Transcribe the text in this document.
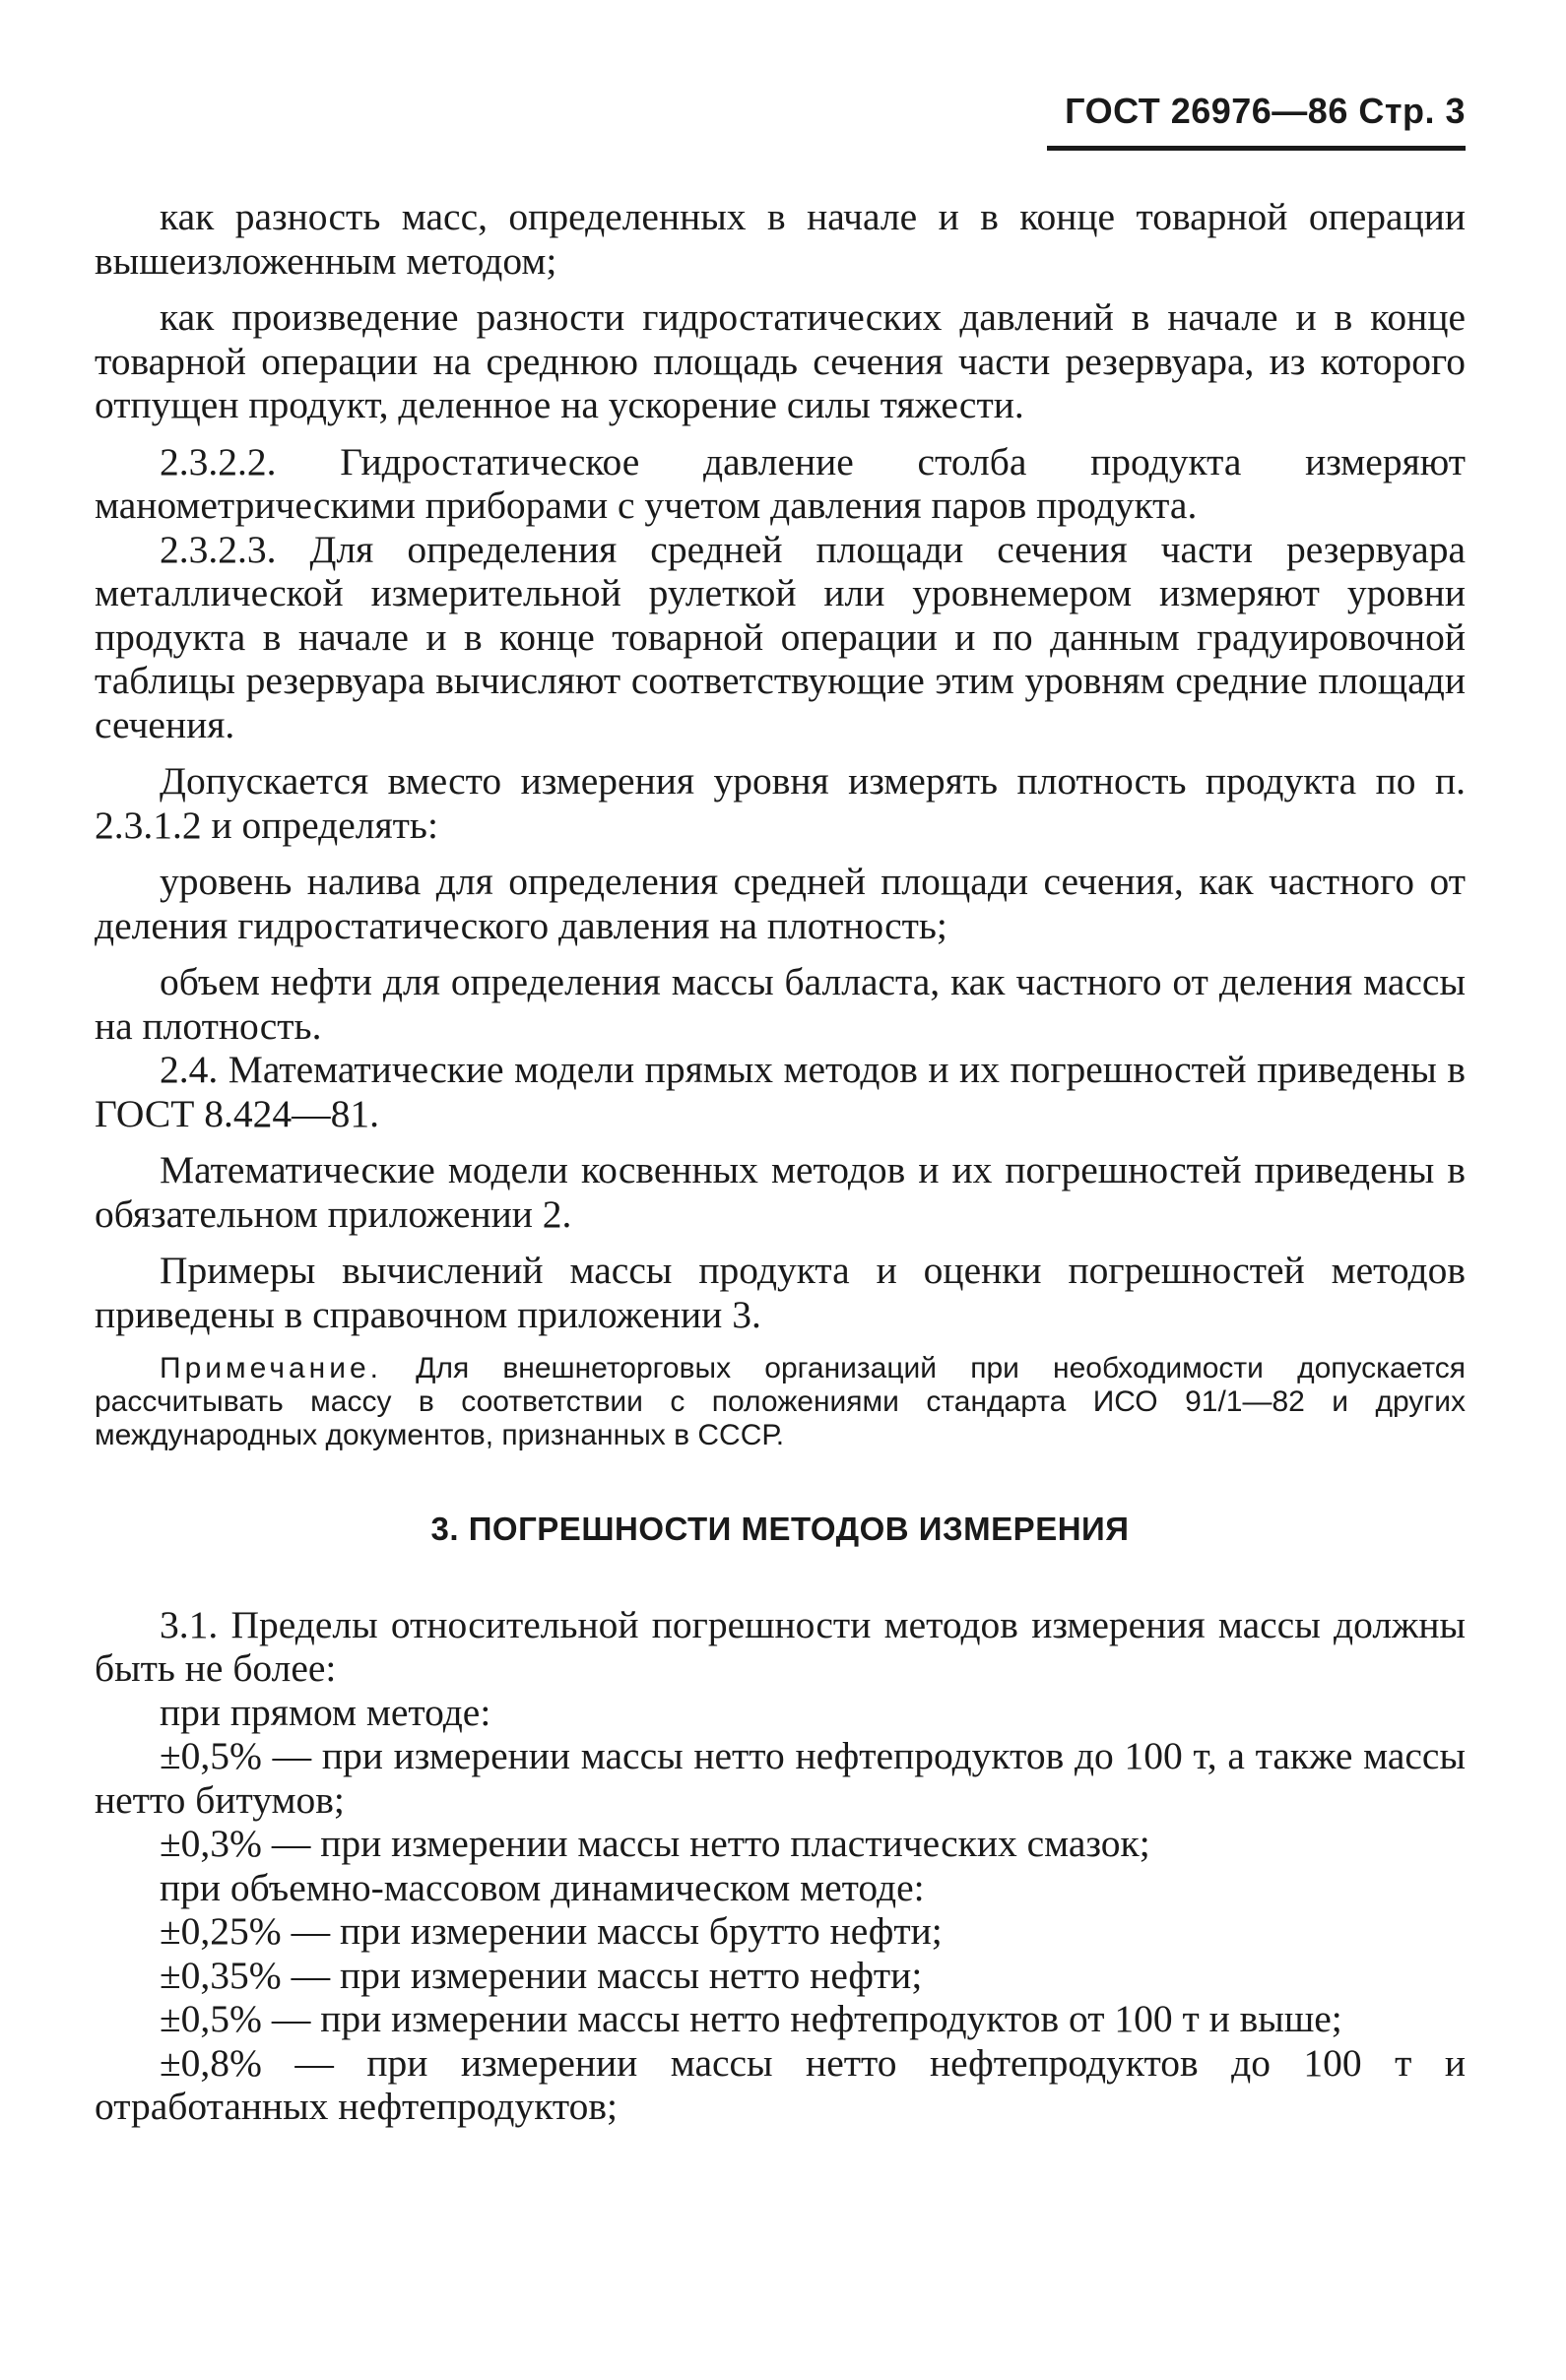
ГОСТ 26976—86 Стр. 3

как разность масс, определенных в начале и в конце товарной операции вышеизложенным методом;

как произведение разности гидростатических давлений в начале и в конце товарной операции на среднюю площадь сечения части резервуара, из которого отпущен продукт, деленное на ускорение силы тяжести.

2.3.2.2. Гидростатическое давление столба продукта измеряют манометрическими приборами с учетом давления паров продукта.

2.3.2.3. Для определения средней площади сечения части резервуара металлической измерительной рулеткой или уровнемером измеряют уровни продукта в начале и в конце товарной операции и по данным градуировочной таблицы резервуара вычисляют соответствующие этим уровням средние площади сечения.

Допускается вместо измерения уровня измерять плотность продукта по п. 2.3.1.2 и определять:

уровень налива для определения средней площади сечения, как частного от деления гидростатического давления на плотность;

объем нефти для определения массы балласта, как частного от деления массы на плотность.

2.4. Математические модели прямых методов и их погрешностей приведены в ГОСТ 8.424—81.

Математические модели косвенных методов и их погрешностей приведены в обязательном приложении 2.

Примеры вычислений массы продукта и оценки погрешностей методов приведены в справочном приложении 3.

Примечание. Для внешнеторговых организаций при необходимости допускается рассчитывать массу в соответствии с положениями стандарта ИСО 91/1—82 и других международных документов, признанных в СССР.

3. ПОГРЕШНОСТИ МЕТОДОВ ИЗМЕРЕНИЯ

3.1. Пределы относительной погрешности методов измерения массы должны быть не более:

при прямом методе:

±0,5% — при измерении массы нетто нефтепродуктов до 100 т, а также массы нетто битумов;

±0,3% — при измерении массы нетто пластических смазок;

при объемно-массовом динамическом методе:

±0,25% — при измерении массы брутто нефти;

±0,35% — при измерении массы нетто нефти;

±0,5% — при измерении массы нетто нефтепродуктов от 100 т и выше;

±0,8% — при измерении массы нетто нефтепродуктов до 100 т и отработанных нефтепродуктов;
